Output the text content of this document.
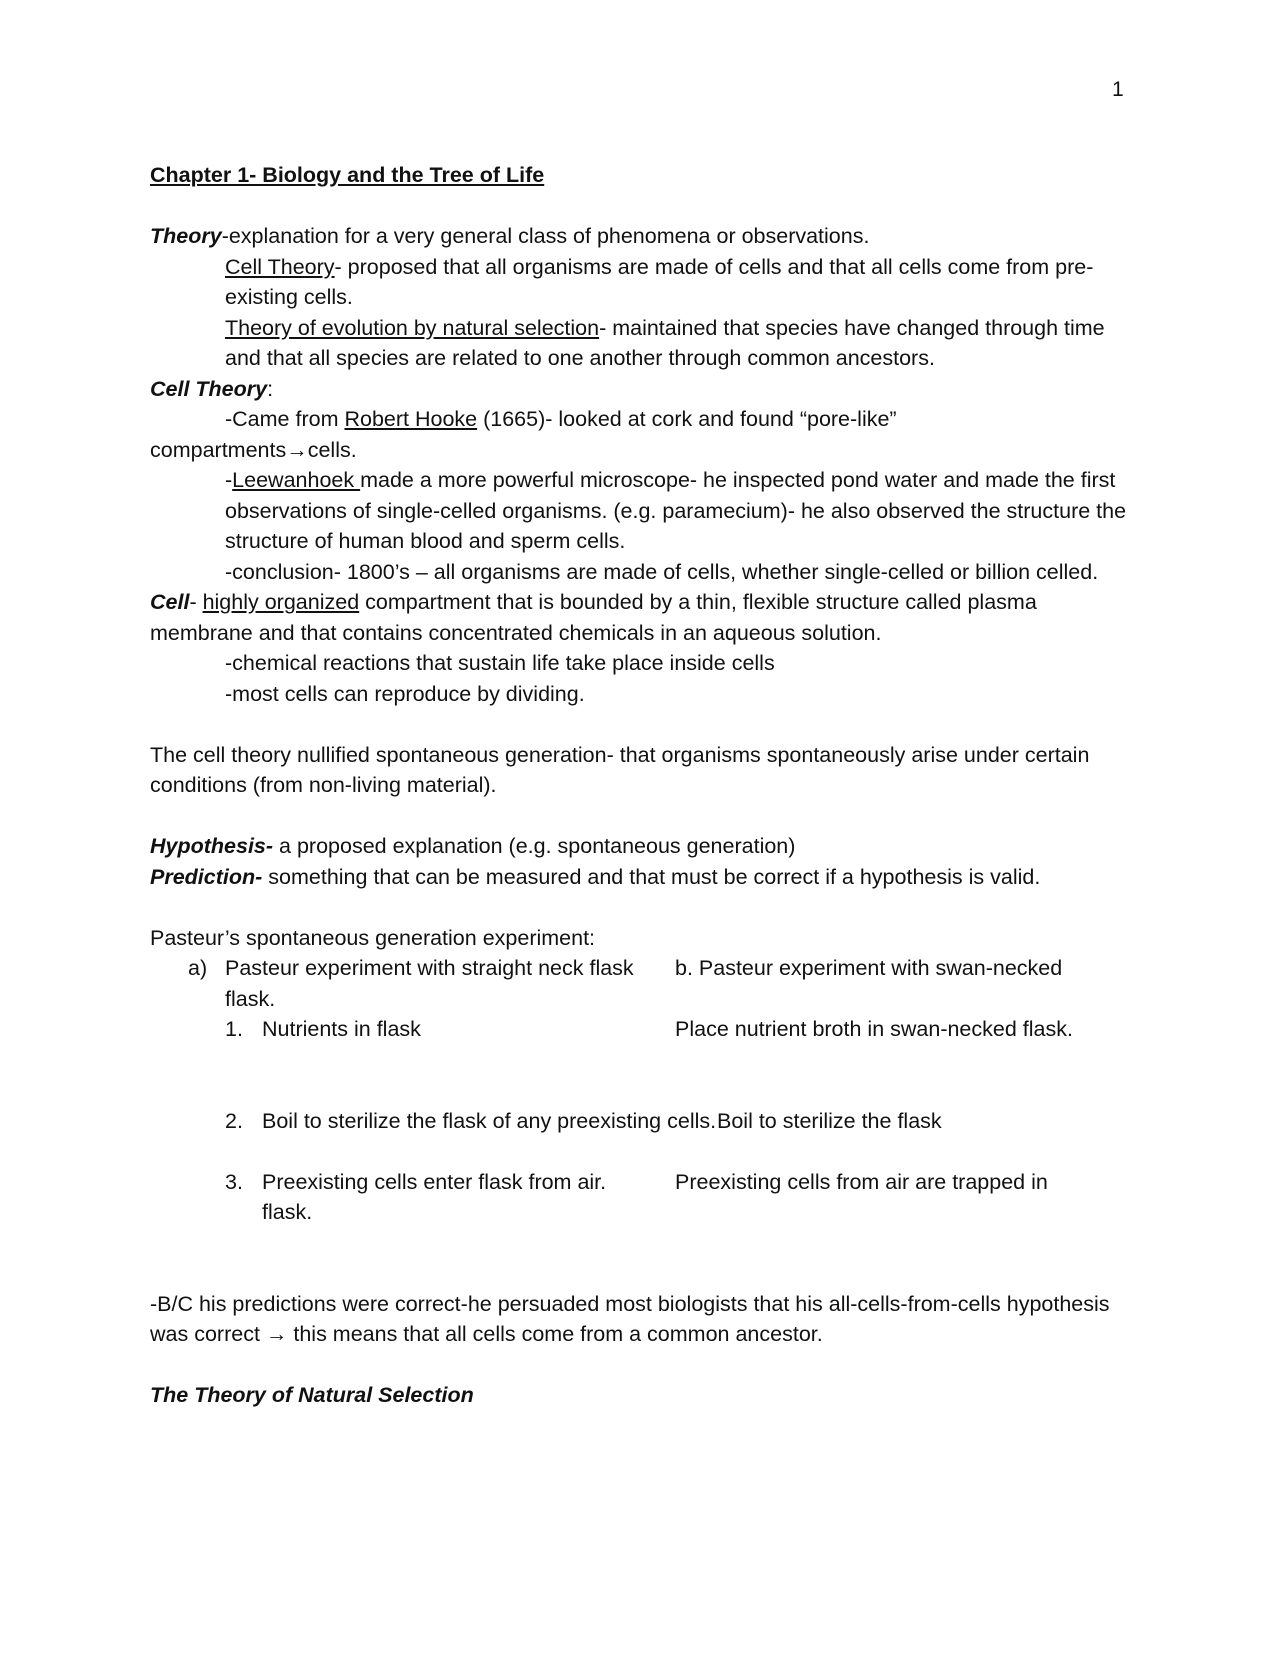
1

Chapter 1- Biology and the Tree of Life

Theory-explanation for a very general class of phenomena or observations.

Cell Theory- proposed that all organisms are made of cells and that all cells come from pre-existing cells.

Theory of evolution by natural selection- maintained that species have changed through time and that all species are related to one another through common ancestors.

Cell Theory:

-Came from Robert Hooke (1665)- looked at cork and found “pore-like”

compartments→cells.

-Leewanhoek made a more powerful microscope- he inspected pond water and made the first observations of single-celled organisms. (e.g. paramecium)- he also observed the structure the structure of human blood and sperm cells.

-conclusion- 1800’s – all organisms are made of cells, whether single-celled or billion celled.

Cell- highly organized compartment that is bounded by a thin, flexible structure called plasma membrane and that contains concentrated chemicals in an aqueous solution.

-chemical reactions that sustain life take place inside cells

-most cells can reproduce by dividing.

The cell theory nullified spontaneous generation- that organisms spontaneously arise under certain conditions (from non-living material).

Hypothesis- a proposed explanation (e.g. spontaneous generation)

Prediction- something that can be measured and that must be correct if a hypothesis is valid.

Pasteur’s spontaneous generation experiment:

a) Pasteur experiment with straight neck flask	b. Pasteur experiment with swan-necked
flask.
1. Nutrients in flask	Place nutrient broth in swan-necked flask.
2. Boil to sterilize the flask of any preexisting cells. Boil to sterilize the flask
3. Preexisting cells enter flask from air.	Preexisting cells from air are trapped in
flask.

-B/C his predictions were correct-he persuaded most biologists that his all-cells-from-cells hypothesis was correct → this means that all cells come from a common ancestor.

The Theory of Natural Selection
